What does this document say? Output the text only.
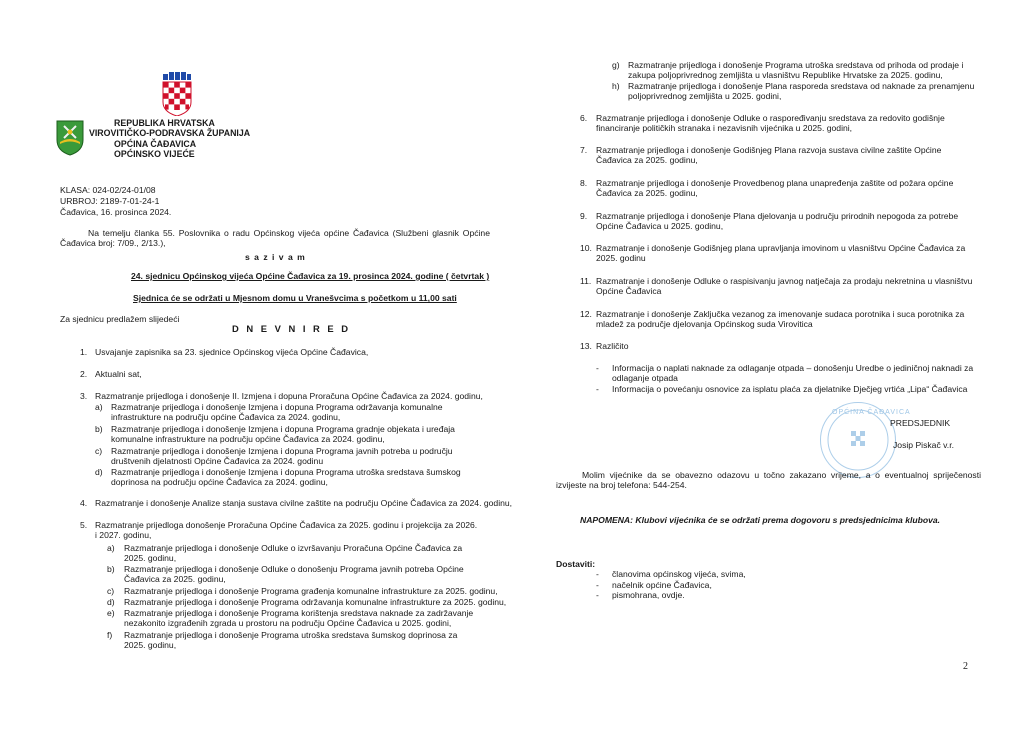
REPUBLIKA HRVATSKA
VIROVITIČKO-PODRAVSKA ŽUPANIJA
OPĆINA ČAĐAVICA
OPĆINSKO VIJEĆE
KLASA: 024-02/24-01/08
URBROJ: 2189-7-01-24-1
Čađavica, 16. prosinca 2024.
Na temelju članka 55. Poslovnika o radu Općinskog vijeća općine Čađavica (Službeni glasnik Općine Čađavica broj: 7/09., 2/13.),
s a z i v a m
24. sjednicu Općinskog vijeća Općine Čađavica za 19. prosinca 2024. godine ( četvrtak )
Sjednica će se održati u Mjesnom domu u Vranešvcima s početkom u 11,00 sati
Za sjednicu predlažem slijedeći
D N E V N I R E D
1. Usvajanje zapisnika sa 23. sjednice Općinskog vijeća Općine Čađavica,
2. Aktualni sat,
3. Razmatranje prijedloga i donošenje II. Izmjena i dopuna Proračuna Općine Čađavica za 2024. godinu,
a) Razmatranje prijedloga i donošenje Izmjena i dopuna Programa održavanja komunalne infrastrukture na području općine Čađavica za 2024. godinu,
b) Razmatranje prijedloga i donošenje Izmjena i dopuna Programa gradnje objekata i uređaja komunalne infrastrukture na području općine Čađavica za 2024. godinu,
c) Razmatranje prijedloga i donošenje Izmjena i dopuna Programa javnih potreba u području društvenih djelatnosti Općine Čađavica za 2024. godinu
d) Razmatranje prijedloga i donošenje Izmjena i dopuna Programa utroška sredstava šumskog doprinosa na području općine Čađavica za 2024. godinu,
4. Razmatranje i donošenje Analize stanja sustava civilne zaštite na području Općine Čađavica za 2024. godinu,
5. Razmatranje prijedloga donošenje Proračuna Općine Čađavica za 2025. godinu i projekcija za 2026. i 2027. godinu,
a) Razmatranje prijedloga i donošenje Odluke o izvršavanju Proračuna Općine Čađavica za 2025. godinu,
b) Razmatranje prijedloga i donošenje Odluke o donošenju Programa javnih potreba Općine Čađavica za 2025. godinu,
c) Razmatranje prijedloga i donošenje Programa građenja komunalne infrastrukture za 2025. godinu,
d) Razmatranje prijedloga i donošenje Programa održavanja komunalne infrastrukture za 2025. godinu,
e) Razmatranje prijedloga i donošenje Programa korištenja sredstava naknade za zadržavanje nezakonito izgrađenih zgrada u prostoru na području Općine Čađavica u 2025. godini,
f) Razmatranje prijedloga i donošenje Programa utroška sredstava šumskog doprinosa za 2025. godinu,
g) Razmatranje prijedloga i donošenje Programa utroška sredstava od prihoda od prodaje i zakupa poljoprivrednog zemljišta u vlasništvu Republike Hrvatske za 2025. godinu,
h) Razmatranje prijedloga i donošenje Plana rasporeda sredstava od naknade za prenamjenu poljoprivrednog zemljišta u 2025. godini,
6. Razmatranje prijedloga i donošenje Odluke o raspoređivanju sredstava za redovito godišnje financiranje političkih stranaka i nezavisnih vijećnika u 2025. godini,
7. Razmatranje prijedloga i donošenje Godišnjeg Plana razvoja sustava civilne zaštite Općine Čađavica za 2025. godinu,
8. Razmatranje prijedloga i donošenje Provedbenog plana unapređenja zaštite od požara općine Čađavica za 2025. godinu,
9. Razmatranje prijedloga i donošenje Plana djelovanja u području prirodnih nepogoda za potrebe Općine Čađavica u 2025. godinu,
10. Razmatranje i donošenje Godišnjeg plana upravljanja imovinom u vlasništvu Općine Čađavica za 2025. godinu
11. Razmatranje i donošenje Odluke o raspisivanju javnog natječaja za prodaju nekretnina u vlasništvu Općine Čađavica
12. Razmatranje i donošenje Zaključka vezanog za imenovanje sudaca porotnika i suca porotnika za mladež za područje djelovanja Općinskog suda Virovitica
13. Različito
- Informacija o naplati naknade za odlaganje otpada – donošenju Uredbe o jediničnoj naknadi za odlaganje otpada
- Informacija o povećanju osnovice za isplatu plaća za djelatnike Dječjeg vrtića „Lipa“ Čađavica
OPĆINA ČAĐAVICA
PREDSJEDNIK
Josip Piskač v.r.
Molim vijećnike da se obavezno odazovu u točno zakazano vrijeme, a o eventualnoj spriječenosti izvijeste na broj telefona: 544-254.
NAPOMENA: Klubovi vijećnika će se održati prema dogovoru s predsjednicima klubova.
Dostaviti:
- članovima općinskog vijeća, svima,
- načelnik općine Čađavica,
- pismohrana, ovdje.
2
